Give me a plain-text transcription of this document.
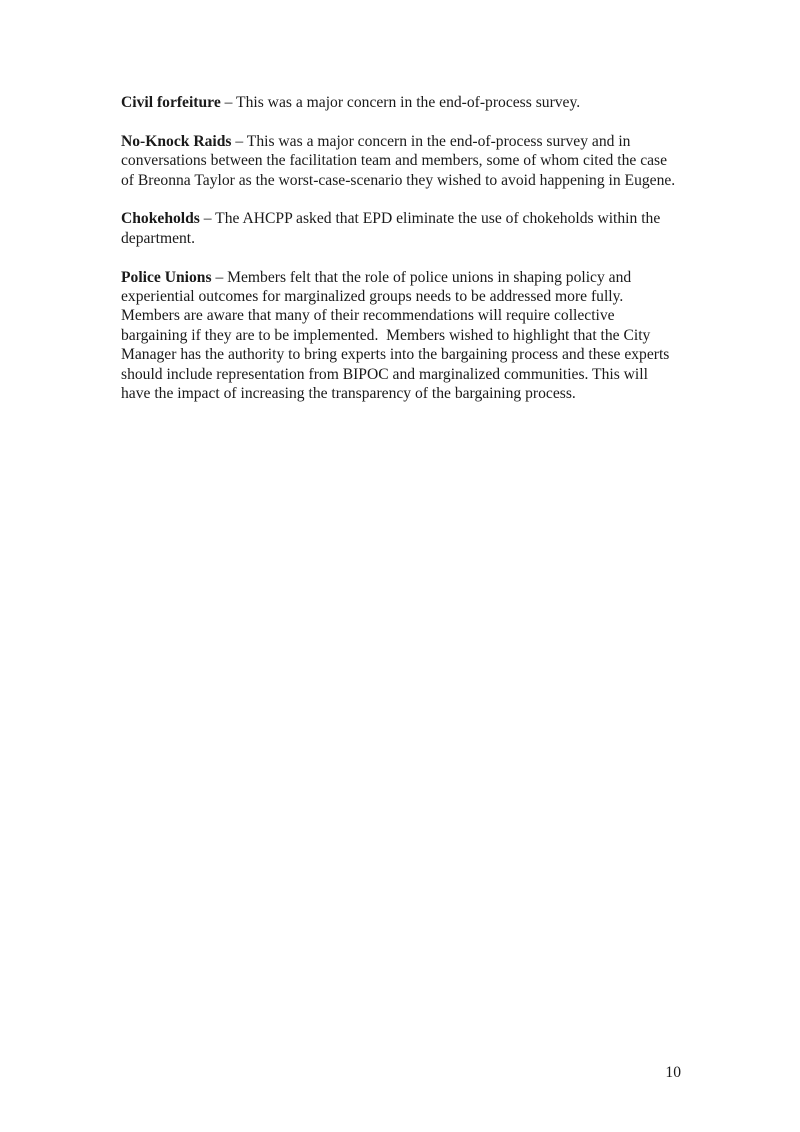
Civil forfeiture – This was a major concern in the end-of-process survey.

No-Knock Raids – This was a major concern in the end-of-process survey and in conversations between the facilitation team and members, some of whom cited the case of Breonna Taylor as the worst-case-scenario they wished to avoid happening in Eugene.

Chokeholds – The AHCPP asked that EPD eliminate the use of chokeholds within the department.

Police Unions – Members felt that the role of police unions in shaping policy and experiential outcomes for marginalized groups needs to be addressed more fully. Members are aware that many of their recommendations will require collective bargaining if they are to be implemented.  Members wished to highlight that the City Manager has the authority to bring experts into the bargaining process and these experts should include representation from BIPOC and marginalized communities. This will have the impact of increasing the transparency of the bargaining process.

10
